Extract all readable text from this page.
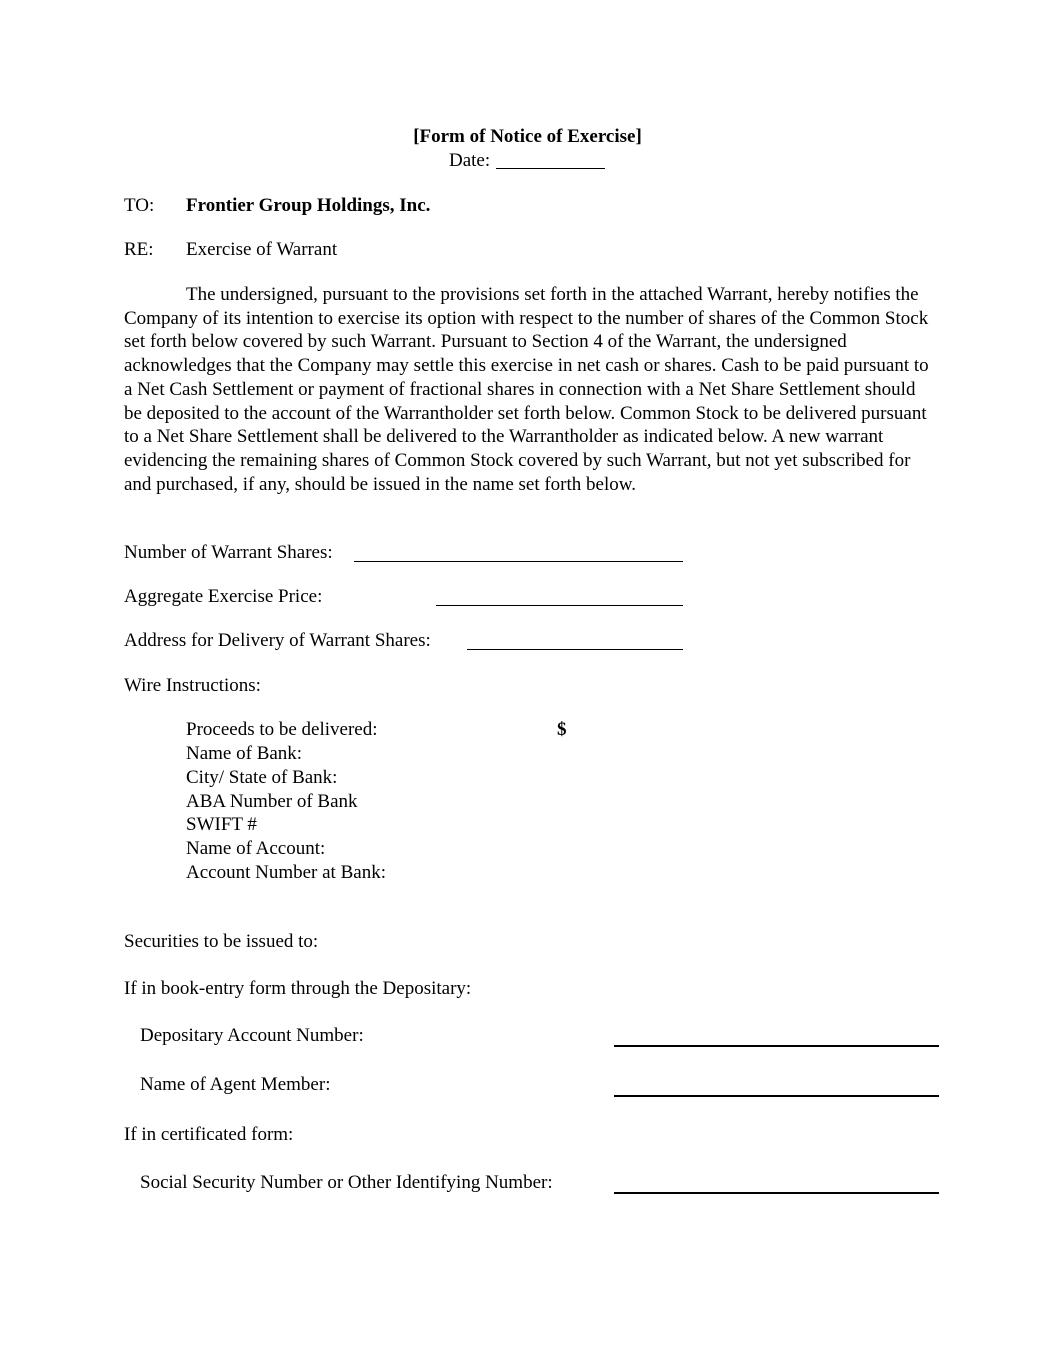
[Form of Notice of Exercise]
Date:
TO: Frontier Group Holdings, Inc.
RE: Exercise of Warrant
The undersigned, pursuant to the provisions set forth in the attached Warrant, hereby notifies the Company of its intention to exercise its option with respect to the number of shares of the Common Stock set forth below covered by such Warrant. Pursuant to Section 4 of the Warrant, the undersigned acknowledges that the Company may settle this exercise in net cash or shares. Cash to be paid pursuant to a Net Cash Settlement or payment of fractional shares in connection with a Net Share Settlement should be deposited to the account of the Warrantholder set forth below. Common Stock to be delivered pursuant to a Net Share Settlement shall be delivered to the Warrantholder as indicated below. A new warrant evidencing the remaining shares of Common Stock covered by such Warrant, but not yet subscribed for and purchased, if any, should be issued in the name set forth below.
Number of Warrant Shares:
Aggregate Exercise Price:
Address for Delivery of Warrant Shares:
Wire Instructions:
Proceeds to be delivered:	$
Name of Bank:
City/ State of Bank:
ABA Number of Bank
SWIFT #
Name of Account:
Account Number at Bank:
Securities to be issued to:
If in book-entry form through the Depositary:
Depositary Account Number:
Name of Agent Member:
If in certificated form:
Social Security Number or Other Identifying Number:
